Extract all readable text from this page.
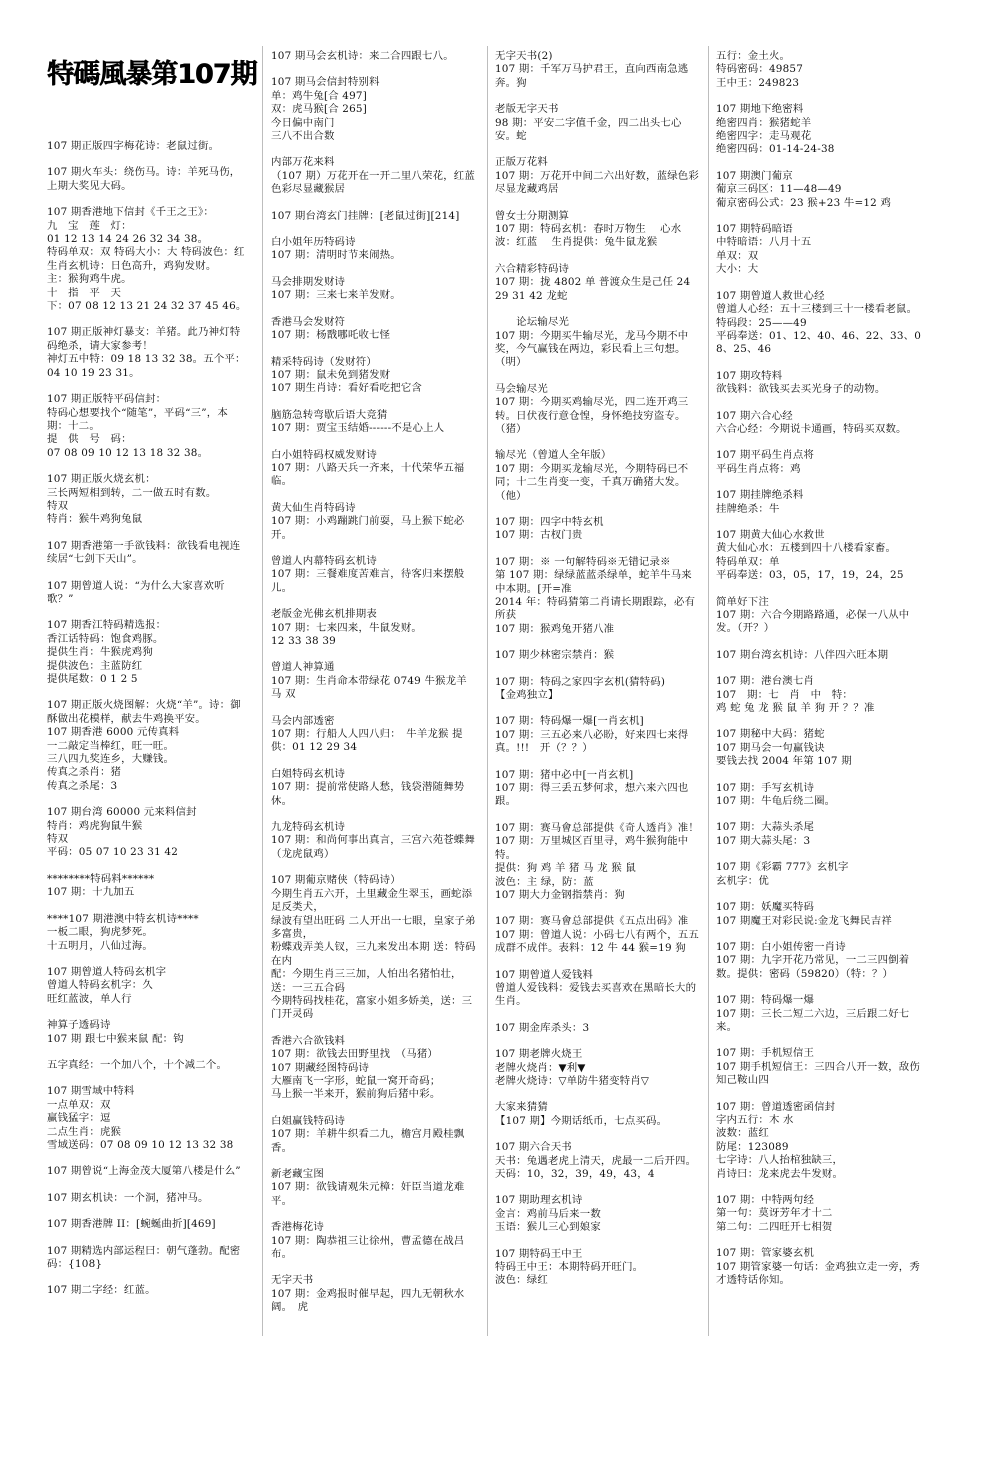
特碼風暴第107期
107 期正版四字梅花诗：老鼠过街。
107 期火车头：绕伤马。诗：羊死马伤，上期大奖见大码。
107 期香港地下信封《千王之王》：
九　宝　莲　灯：
01 12 13 14 24 26 32 34 38。
特码单双：双 特码大小：大 特码波色：红
生肖玄机诗：日色高升，鸡狗发财。
主：猴狗鸡牛虎。
十　指　平　天
下：07 08 12 13 21 24 32 37 45 46。
107 期正版神灯暴支：羊猪。此乃神灯特码绝杀，请大家参考！
神灯五中特：09 18 13 32 38。五个平：04 10 19 23 31。
107 期正版特平码信封：
特码心想要找个“随笔”，平码“三”，本期：十二。
提　供　号　码：
07 08 09 10 12 13 18 32 38。
107 期正版火烧玄机：
三长两短相到转，二一做五时有数。
特双
特肖：猴牛鸡狗兔鼠
107 期香港第一手欲钱料：欲钱看电视连续居“七剑下天山”。
107 期曾道人说：“为什么大家喜欢听歌？”
107 期香江特码精选报：
香江话特码：饱食鸡豚。
提供生肖：牛猴虎鸡狗
提供波色：主蓝防红
提供尾数：0 1 2 5
107 期正版火烧图解：火烧“羊”。诗：御酥做出花模样，献去牛鸡换平安。
107 期香港 6000 元传真料
一二敲定当棒红，旺一旺。
三八四九奖连乡，大赚钱。
传真之杀肖：猪
传真之杀尾：3
107 期台湾 60000 元来料信封
特肖：鸡虎狗鼠牛猴
特双
平码：05 07 10 23 31 42
********特码料******
107 期：十九加五
****107 期港澳中特玄机诗****
一板二眼，狗虎梦死。
十五明月，八仙过海。
107 期曾道人特码玄机字
曾道人特码玄机字：久
旺红蓝波，单人行
神算子透码诗
107 期 跟七中猴来鼠 配：钩
五字真经：一个加八个，十个减二个。
107 期雪域中特料
一点单双：双
赢钱猛字：逗
二点生肖：虎猴
雪域送码：07 08 09 10 12 13 32 38
107 期曾说“上海金茂大厦第八楼是什么”
107 期玄机诀：一个洞，猪冲马。
107 期香港牌 II：[蜿蜒曲折][469]
107 期精选内部运程曰：朝气蓬勃。配密码：{108}
107 期二字经：红蓝。
107 期马会玄机诗：来二合四跟七八。
107 期马会信封特别料
单：鸡牛兔[合 497]
双：虎马猴[合 265]
今日偏中南门
三八不出合数
内部万花来料
（107 期）万花开在一开二里八荣花，红蓝色彩尽显藏猴居
107 期台湾玄门挂牌：[老鼠过街][214]
白小姐年历特码诗
107 期：清明时节来闹热。
马会排期发财诗
107 期：三来七来羊发财。
香港马会发财符
107 期：杨戬哪吒收七怪
精采特码诗（发财符）
107 期：鼠未免到猪发财
107 期生肖诗：看好看吃把它含
脑筋急转弯歇后语大竞猜
107 期：贾宝玉结婚------不是心上人
白小姐特码权威发财诗
107 期：八路天兵一齐来，十代荣华五福临。
黄大仙生肖特码诗
107 期：小鸡蹦跳门前耍，马上猴下蛇必开。
曾道人内幕特码玄机诗
107 期：三餐难度苦难言，待客归来摆般儿。
老版金光佛玄机排期表
107 期：七来四来，牛鼠发财。
12 33 38 39
曾道人神算通
107 期：生肖命本带绿花 0749 牛猴龙羊马 双
马会内部透密
107 期：行船人人四八归：　牛羊龙猴 提供：01 12 29 34
白姐特码玄机诗
107 期：提前常使路人愁，钱袋潜随舞势休。
九龙特码玄机诗
107 期：和尚何事出真言，三宫六苑苍蝶舞（龙虎鼠鸡）
107 期葡京赌侠（特码诗）
今期生肖五六开，土里藏金生翠玉，画蛇添足反类犬，
绿波有望出旺码 二人开出一七眼，皇家子弟多富贵，
粉蝶戏弄美人钗，三九来发出本期 送：特码在内
配：今期生肖三三加，人怕出名猪怕壮，送：一三五合码
今期特码找桂花，富家小姐多娇美，送：三门开灵码
香港六合欲钱料
107 期：欲钱去田野里找　（马猪）
107 期藏经图特码诗
大雁南飞一字形，蛇鼠一窝开奇码；
马上猴一半来开，猴前狗后猪中彩。
白姐赢钱特码诗
107 期：羊耕牛织看二九，檐宫月殿桂飘香。
新老藏宝图
107 期：欲钱请观朱元樟：奸臣当道龙难平。
香港梅花诗
107 期：陶恭祖三让徐州，曹孟德在战吕布。
无字天书
107 期：金鸡报时催早起，四九无朝秋水阔。　虎
无字天书(2)
107 期：千军万马护君王，直向西南急逃奔。狗
老版无字天书
98 期：平安二字值千金，四二出头七心安。蛇
正版万花料
107 期：万花开中间二六出好数，蓝绿色彩尽显龙藏鸡居
曾女士分期测算
107 期：特码玄机：春时万物生　 心水波：红蓝　 生肖提供：兔牛鼠龙猴
六合精彩特码诗
107 期：拢 4802 单 普渡众生是己任 24 29 31 42 龙蛇
　　论坛输尽光
107 期：今期买牛输尽光，龙马今期不中奖，今气赢钱在两边，彩民看上三句想。（明）
马会输尽光
107 期：今期买鸡输尽光，四二连开鸡三转。日伏夜行意仓惶，身怀绝技穷盗专。（猪）
输尽光（曾道人全年版）
107 期：今期买龙输尽光，今期特码已不同；十二生肖变一变，千真万确猪大发。（他）
107 期：四字中特玄机
107 期：古杈门贵
107 期：※ 一句解特码※无错记录※
第 107 期：绿绿蓝蓝杀绿单，蛇羊牛马来中本期。[开=准
2014 年：特码猜第二肖请长期跟踪，必有所获
107 期：猴鸡兔开猪八准
107 期少林密宗禁肖：猴
107 期：特码之家四字玄机(猜特码)
【金鸡独立】
107 期：特码爆一爆[一肖玄机]
107 期：三五必来八必盼，好来四七来得真。!!!　开（？？）
107 期：猪中必中[一肖玄机]
107 期：得三丢五梦何求，想六来六四也跟。
107 期：赛马會总部提供《奇人透肖》准！
107 期：万里城区百里寻，鸡牛猴狗能中特。
提供：狗 鸡 羊 猪 马 龙 猴 鼠
波色：主 绿，防：蓝
107 期大力金钢指禁肖：狗
107 期：赛马會总部提供《五点出码》准
107 期：曾道人说：小码七八有两个，五五成群不成伴。表料：12 牛 44 猴=19 狗
107 期曾道人爱钱料
曾道人爱钱料：爱钱去买喜欢在黑暗长大的生肖。
107 期金库杀头：3
107 期老牌火烧王
老牌火烧肖：▼利▼
老牌火烧诗：▽单防牛猪变特肖▽
大家来猜猜
【107 期】今期话纸币，七点买码。
107 期六合天书
天书：兔遇老虎上清天，虎最一二后开四。
天码：10，32，39，49，43，4
107 期助理玄机诗
金言：鸡前马后来一数
玉语：猴儿三心到娘家
107 期特码王中王
特码王中王：本期特码开旺门。
波色：绿红
五行：金土火。
特码密码：49857
王中王：249823
107 期地下绝密料
绝密四肖：猴猪蛇羊
绝密四字：走马观花
绝密四码：01-14-24-38
107 期澳门葡京
葡京三码区：11—48—49
葡京密码公式：23 猴+23 牛=12 鸡
107 期特码暗语
中特暗语：八月十五
单双：双
大小：大
107 期曾道人救世心经
曾道人心经：五十三楼到三十一楼看老鼠。
特码段：25——49
平码奉送：01、12、40、46、22、33、08、25、46
107 期攻特料
欲钱料：欲钱买去买光身子的动物。
107 期六合心经
六合心经：今期说卡通画，特码买双数。
107 期平码生肖点将
平码生肖点将：鸡
107 期挂牌绝杀料
挂牌绝杀：牛
107 期黄大仙心水救世
黄大仙心水：五楼到四十八楼看家畜。
特码单双：单
平码奉送：03，05，17，19，24，25
简单好下注
107 期：六合今期路路通，必保一八从中发。（开？）
107 期台湾玄机诗：八伴四六旺本期
107 期：港台澳七肖
107　期：七　肖　中　特：
鸡 蛇 兔 龙 猴 鼠 羊 狗 开 ？？准
107 期秘中大码：猪蛇
107 期马会一句赢钱诀
要钱去找 2004 年第 107 期
107 期：手写玄机诗
107 期：牛龟后绕二圈。
107 期：大蒜头杀尾
107 期大蒜头尾：3
107 期《彩霸 777》玄机字
玄机字：优
107 期：妖魔买特码
107 期魔王对彩民说:金龙飞舞民吉祥
107 期：白小姐传密一肖诗
107 期：九字开花乃常见，一二三四倒着数。提供：密码（59820）（特：？）
107 期：特码爆一爆
107 期：三长二短二六边，三后跟二好七来。
107 期：手机短信王
107 期手机短信王：三四合八开一数，敌伤知己鞍山四
107 期：曾道透密函信封
字内五行：木 水
波数：蓝红
防尾：123089
七字诗：八人抬棺独缺三，
肖诗曰：龙来虎去牛发财。
107 期：中特两句经
第一句：莫讶芳年才十二
第二句：二四旺开七相贺
107 期：管家婆玄机
107 期管家婆一句话：金鸡独立走一旁，秀才透特话你知。
